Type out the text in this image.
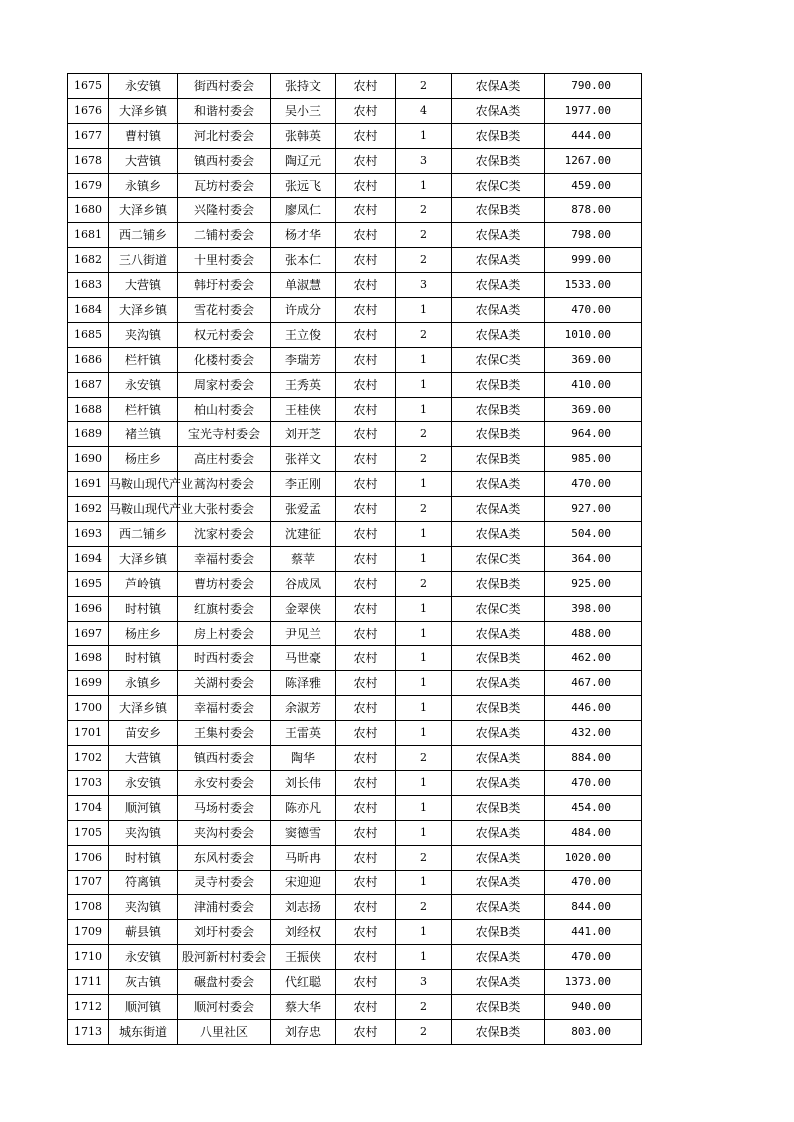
1675	永安镇	街西村委会	张持文	农村	2	农保A类	790.00
1676	大泽乡镇	和谐村委会	吴小三	农村	4	农保A类	1977.00
1677	曹村镇	河北村委会	张韩英	农村	1	农保B类	444.00
1678	大营镇	镇西村委会	陶辽元	农村	3	农保B类	1267.00
1679	永镇乡	瓦坊村委会	张远飞	农村	1	农保C类	459.00
1680	大泽乡镇	兴隆村委会	廖凤仁	农村	2	农保B类	878.00
1681	西二铺乡	二铺村委会	杨才华	农村	2	农保A类	798.00
1682	三八街道	十里村委会	张本仁	农村	2	农保A类	999.00
1683	大营镇	韩圩村委会	单淑慧	农村	3	农保A类	1533.00
1684	大泽乡镇	雪花村委会	许成分	农村	1	农保A类	470.00
1685	夹沟镇	权元村委会	王立俊	农村	2	农保A类	1010.00
1686	栏杆镇	化楼村委会	李瑞芳	农村	1	农保C类	369.00
1687	永安镇	周家村委会	王秀英	农村	1	农保B类	410.00
1688	栏杆镇	柏山村委会	王桂侠	农村	1	农保B类	369.00
1689	褚兰镇	宝光寺村委会	刘开芝	农村	2	农保B类	964.00
1690	杨庄乡	高庄村委会	张祥文	农村	2	农保B类	985.00
1691	马鞍山现代产业	蒿沟村委会	李正刚	农村	1	农保A类	470.00
1692	马鞍山现代产业	大张村委会	张爱孟	农村	2	农保A类	927.00
1693	西二铺乡	沈家村委会	沈建征	农村	1	农保A类	504.00
1694	大泽乡镇	幸福村委会	蔡苹	农村	1	农保C类	364.00
1695	芦岭镇	曹坊村委会	谷成凤	农村	2	农保B类	925.00
1696	时村镇	红旗村委会	金翠侠	农村	1	农保C类	398.00
1697	杨庄乡	房上村委会	尹见兰	农村	1	农保A类	488.00
1698	时村镇	时西村委会	马世豪	农村	1	农保B类	462.00
1699	永镇乡	关湖村委会	陈泽雅	农村	1	农保A类	467.00
1700	大泽乡镇	幸福村委会	余淑芳	农村	1	农保B类	446.00
1701	苗安乡	王集村委会	王雷英	农村	1	农保A类	432.00
1702	大营镇	镇西村委会	陶华	农村	2	农保A类	884.00
1703	永安镇	永安村委会	刘长伟	农村	1	农保A类	470.00
1704	顺河镇	马场村委会	陈亦凡	农村	1	农保B类	454.00
1705	夹沟镇	夹沟村委会	窦德雪	农村	1	农保A类	484.00
1706	时村镇	东风村委会	马昕冉	农村	2	农保A类	1020.00
1707	符离镇	灵寺村委会	宋迎迎	农村	1	农保A类	470.00
1708	夹沟镇	津浦村委会	刘志扬	农村	2	农保A类	844.00
1709	蕲县镇	刘圩村委会	刘经权	农村	1	农保B类	441.00
1710	永安镇	股河新村村委会	王振侠	农村	1	农保A类	470.00
1711	灰古镇	碾盘村委会	代红聪	农村	3	农保A类	1373.00
1712	顺河镇	顺河村委会	蔡大华	农村	2	农保B类	940.00
1713	城东街道	八里社区	刘存忠	农村	2	农保B类	803.00
